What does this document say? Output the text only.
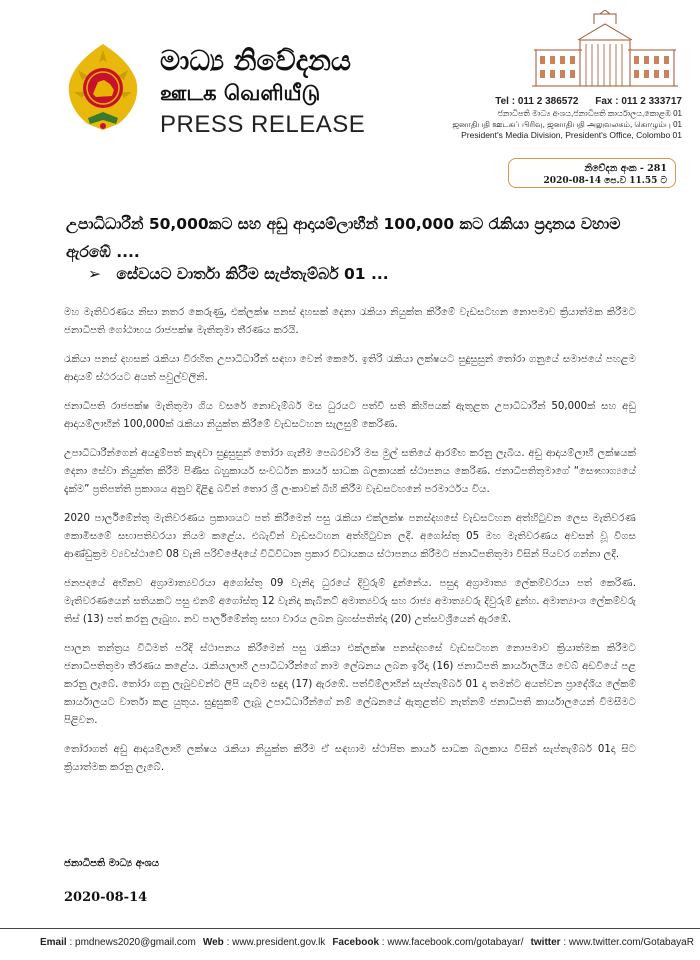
මාධ්‍ය නිවේදනය
ஊடக வெளியீடு
PRESS RELEASE
Tel : 011 2 386572 Fax : 011 2 333717
ජනාධිපති මාධ්‍ය අංශය,ජනාධිපති කාර්යාලය,කොළඹ 01
ஜனாதிபதி ஊடகப் பிரிவு, ஜனாதிபதி அலுவலகம், கொழும்பு 01
President's Media Division, President's Office, Colombo 01
නිවේදන අංක - 281
2020-08-14 පෙ.ව 11.55 ට
උපාධිධාරීන් 50,000කට සහ අඩු ආදායම්ලාභීන් 100,000 කට රැකියා ප්‍රදානය වහාම ඇරඹේ ....
➢ සේවයට වාර්තා කිරීම සැප්තැම්බර් 01 ...

මහ මැතිවරණය නිසා නතර කෙරුණු, එක්ලක්ෂ පනස් දහසක් දෙනා රැකියා නියුක්ත කිරීමේ වැඩසටහන නොපමාව ක්‍රියාත්මක කිරීමට ජනාධිපති ගෝඨාභය රාජපක්ෂ මැතිතුමා තීරණය කරයි.

රැකියා පනස් දහසක් රැකියා විරහිත උපාධිධාරීන් සඳහා වෙන් කෙරේ. ඉතිරි රැකියා ලක්ෂයට සුදුසුසුන් තෝරා ගනුයේ සමාජයේ පහළම ආදායම් ස්ථරයට අයත් පවුල්වලිනි.

ජනාධිපති රාජපක්ෂ මැතිතුමා ගිය වසරේ නොවැම්බර් මස ධුරයට පත්වී සති කිහිපයක් ඇතුළත උපාධිධාරීන් 50,000ක් සහ අඩු ආදායම්ලාභීන් 100,000ක් රැකියා නියුක්ත කිරීමේ වැඩසටහන සැලසුම් කෙරිණ.

උපාධිධාරීන්ගෙන් අයදුම්පත් කැඳවා සුදුසුසුන් තෝරා ගැනීම පෙබරවාරි මස මුල් සතියේ ආරම්භ කරනු ලැබීය. අඩු ආදායම්ලාභී ලක්ෂයක් දෙනා සේවා නියුක්ත කිරීම පිණිස බහුකාර්ය සංවර්ධන කාර්ය සාධක බලකායක් ස්ථාපනය කෙරිණ. ජනාධිපතිතුමාගේ “සෞභාග්‍යයේ දැක්ම” ප්‍රතිපත්ති ප්‍රකාශය අනුව දිළිඳු බවින් තොර ශ්‍රී ලංකාවක් බිහි කිරීම වැඩසටහනේ පරමාර්ථය විය.

2020 පාර්ලිමේන්තු මැතිවරණය ප්‍රකාශයට පත් කිරීමෙන් පසු රැකියා එක්ලක්ෂ පනස්දහසේ වැඩසටහන අත්හිටුවන ලෙස මැතිවරණ කොමිසමේ සභාපතිවරයා නියම කළේය. එබැවින් වැඩසටහන අත්හිටුවන ලදී. අගෝස්තු 05 මහ මැතිවරණය අවසන් වූ විගස ආණ්ඩුක්‍රම ව්‍යවස්ථාවේ 08 වැනි පරිච්ඡේදයේ විධිවිධාන ප්‍රකාර විධායකය ස්ථාපනය කිරීමට ජනාධිපතිතුමා විසින් පියවර ගන්නා ලදී.

ජනපදයේ අභිනව අග්‍රාමාත්‍යවරයා අගෝස්තු 09 වැනිදා ධුරයේ දිවුරුම් දුන්නේය. පසුදා අග්‍රාමාත්‍ය ලේකම්වරයා පත් කෙරිණ. මැතිවරණයෙන් සතියකට පසු එනම් අගෝස්තු 12 වැනිදා කැබිනට් අමාත්‍යවරු සහ රාජ්‍ය අමාත්‍යවරු දිවුරුම් දුන්හ. අමාත්‍යාංශ ලේකම්වරු තිස් (13) පත් කරනු ලැබුහ. නව පාර්ලිමේන්තු සභා වාරය ලබන බ්‍රහස්පතින්දා (20) උත්සවශ්‍රීයෙන් ඇරඹේ.

පාලන තන්ත්‍රය විධිමත් පරිදි ස්ථාපනය කිරීමෙන් පසු රැකියා එක්ලක්ෂ පනස්දහසේ වැඩසටහන නොපමාව ක්‍රියාත්මක කිරීමට ජනාධිපතිතුමා තීරණය කළේය. රැකියාලාභී උපාධිධාරීන්ගේ නාම ලේඛනය ලබන ඉරිදා (16) ජනාධිපති කාර්යාලයීය වෙබ් අඩවියේ පළ කරනු ලැබේ. තෝරා ගනු ලැබුවවන්ට ලිපි යැවීම සඳුදා (17) ඇරඹේ. පත්වීම්ලාභීන් සැප්තැම්බර් 01 දා තමන්ට අයත්වන ප්‍රාදේශීය ලේකම් කාර්යාලයට වාර්තා කළ යුතුය. සුදුසුකම් ලැබූ උපාධිධාරීන්ගේ නම් ලේඛනයේ ඇතුළත්ව නැත්නම් ජනාධිපති කාර්යාලයෙන් විමසීමට පිළිවන.

තෝරාගත් අඩු ආදායම්ලාභී ලක්ෂය රැකියා නියුක්ත කිරීම ඒ සඳහාම ස්ථාපිත කාර්ය සාධක බලකාය විසින් සැප්තැම්බර් 01දා සිට ක්‍රියාත්මක කරනු ලැබේ.

ජනාධිපති මාධ්‍ය අංශය
2020-08-14
Email : pmdnews2020@gmail.com Web : www.president.gov.lk Facebook : www.facebook.com/gotabayar/ twitter : www.twitter.com/GotabayaR
